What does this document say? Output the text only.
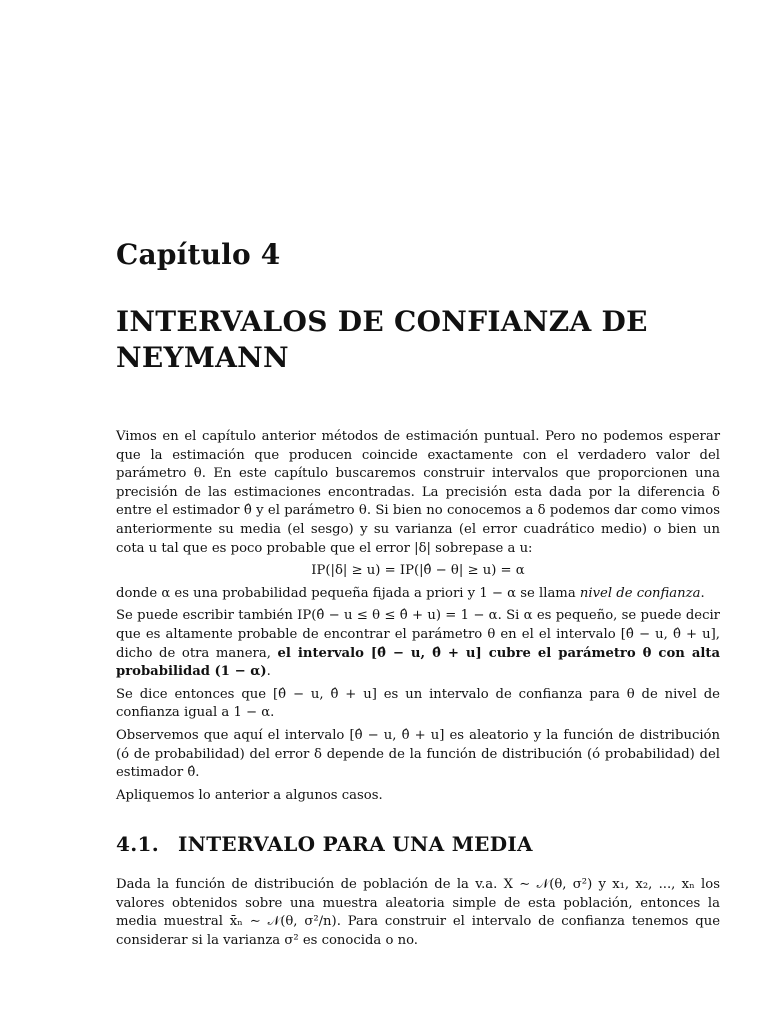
Capítulo 4
INTERVALOS DE CONFIANZA DE
NEYMANN

Vimos en el capítulo anterior métodos de estimación puntual. Pero no podemos esperar que la estimación que producen coincide exactamente con el verdadero valor del parámetro θ. En este capítulo buscaremos construir intervalos que proporcionen una precisión de las estimaciones encontradas. La precisión esta dada por la diferencia δ entre el estimador θ̂ y el parámetro θ. Si bien no conocemos a δ podemos dar como vimos anteriormente su media (el sesgo) y su varianza (el error cuadrático medio) o bien un cota u tal que es poco probable que el error |δ| sobrepase a u:

IP(|δ| ≥ u) = IP(|θ̂ − θ| ≥ u) = α

donde α es una probabilidad pequeña fijada a priori y 1 − α se llama nivel de confianza.

Se puede escribir también IP(θ̂ − u ≤ θ ≤ θ̂ + u) = 1 − α. Si α es pequeño, se puede decir que es altamente probable de encontrar el parámetro θ en el el intervalo [θ̂ − u, θ̂ + u], dicho de otra manera, el intervalo [θ̂ − u, θ̂ + u] cubre el parámetro θ con alta probabilidad (1 − α).

Se dice entonces que [θ̂ − u, θ̂ + u] es un intervalo de confianza para θ de nivel de confianza igual a 1 − α.

Observemos que aquí el intervalo [θ̂ − u, θ̂ + u] es aleatorio y la función de distribución (ó de probabilidad) del error δ depende de la función de distribución (ó probabilidad) del estimador θ̂.

Apliquemos lo anterior a algunos casos.

4.1. INTERVALO PARA UNA MEDIA

Dada la función de distribución de población de la v.a. X ∼ 𝒩(θ, σ²) y x₁, x₂, ..., xₙ los valores obtenidos sobre una muestra aleatoria simple de esta población, entonces la media muestral x̄ₙ ∼ 𝒩(θ, σ²/n). Para construir el intervalo de confianza tenemos que considerar si la varianza σ² es conocida o no.
